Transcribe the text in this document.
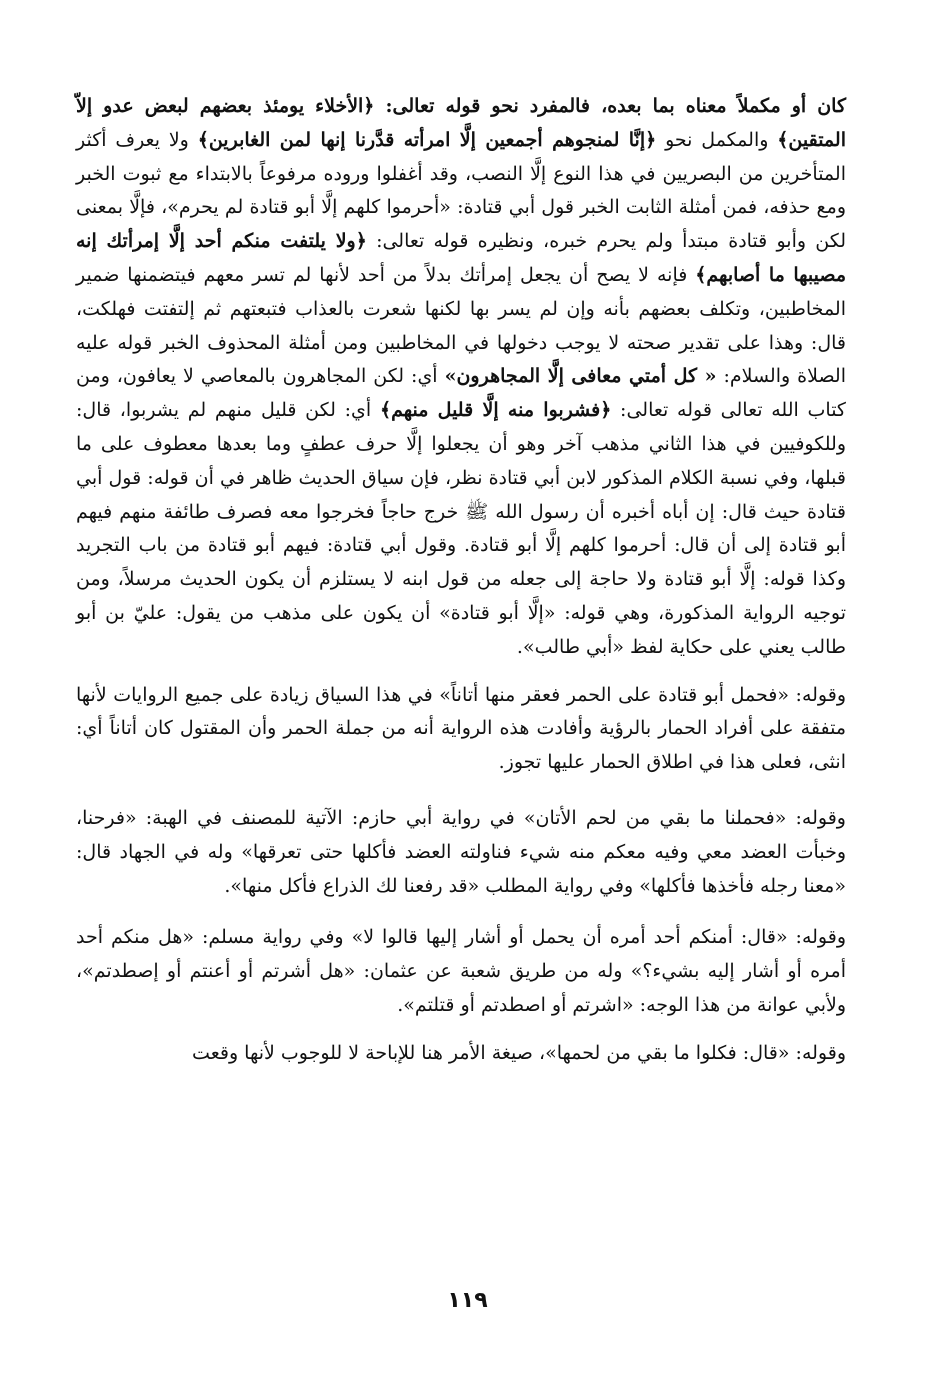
كان أو مكملاً معناه بما بعده، فالمفرد نحو قوله تعالى: ﴿الأخلاء يومئذ بعضهم لبعض عدو إلاّ المتقين﴾ والمكمل نحو ﴿إنَّا لمنجوهم أجمعين إلَّا امرأته قدَّرنا إنها لمن الغابرين﴾ ولا يعرف أكثر المتأخرين من البصريين في هذا النوع إلَّا النصب، وقد أغفلوا وروده مرفوعاً بالابتداء مع ثبوت الخبر ومع حذفه، فمن أمثلة الثابت الخبر قول أبي قتادة: «أحرموا كلهم إلَّا أبو قتادة لم يحرم»، فإلَّا بمعنى لكن وأبو قتادة مبتدأ ولم يحرم خبره، ونظيره قوله تعالى: ﴿ولا يلتفت منكم أحد إلَّا إمرأتك إنه مصيبها ما أصابهم﴾ فإنه لا يصح أن يجعل إمرأتك بدلاً من أحد لأنها لم تسر معهم فيتضمنها ضمير المخاطبين، وتكلف بعضهم بأنه وإن لم يسر بها لكنها شعرت بالعذاب فتبعتهم ثم إلتفتت فهلكت، قال: وهذا على تقدير صحته لا يوجب دخولها في المخاطبين ومن أمثلة المحذوف الخبر قوله عليه الصلاة والسلام: « كل أمتي معافى إلَّا المجاهرون» أي: لكن المجاهرون بالمعاصي لا يعافون، ومن كتاب الله تعالى قوله تعالى: ﴿فشربوا منه إلَّا قليل منهم﴾ أي: لكن قليل منهم لم يشربوا، قال: وللكوفيين في هذا الثاني مذهب آخر وهو أن يجعلوا إلَّا حرف عطفٍ وما بعدها معطوف على ما قبلها، وفي نسبة الكلام المذكور لابن أبي قتادة نظر، فإن سياق الحديث ظاهر في أن قوله: قول أبي قتادة حيث قال: إن أباه أخبره أن رسول الله ﷺ خرج حاجاً فخرجوا معه فصرف طائفة منهم فيهم أبو قتادة إلى أن قال: أحرموا كلهم إلَّا أبو قتادة. وقول أبي قتادة: فيهم أبو قتادة من باب التجريد وكذا قوله: إلَّا أبو قتادة ولا حاجة إلى جعله من قول ابنه لا يستلزم أن يكون الحديث مرسلاً، ومن توجيه الرواية المذكورة، وهي قوله: «إلَّا أبو قتادة» أن يكون على مذهب من يقول: عليّ بن أبو طالب يعني على حكاية لفظ «أبي طالب».

وقوله: «فحمل أبو قتادة على الحمر فعقر منها أتاناً» في هذا السياق زيادة على جميع الروايات لأنها متفقة على أفراد الحمار بالرؤية وأفادت هذه الرواية أنه من جملة الحمر وأن المقتول كان أتاناً أي: انثى، فعلى هذا في اطلاق الحمار عليها تجوز.

وقوله: «فحملنا ما بقي من لحم الأتان» في رواية أبي حازم: الآتية للمصنف في الهبة: «فرحنا، وخبأت العضد معي وفيه معكم منه شيء فناولته العضد فأكلها حتى تعرقها» وله في الجهاد قال: «معنا رجله فأخذها فأكلها» وفي رواية المطلب «قد رفعنا لك الذراع فأكل منها».

وقوله: «قال: أمنكم أحد أمره أن يحمل أو أشار إليها قالوا لا» وفي رواية مسلم: «هل منكم أحد أمره أو أشار إليه بشيء؟» وله من طريق شعبة عن عثمان: «هل أشرتم أو أعنتم أو إصطدتم»، ولأبي عوانة من هذا الوجه: «اشرتم أو اصطدتم أو قتلتم».

وقوله: «قال: فكلوا ما بقي من لحمها»، صيغة الأمر هنا للإباحة لا للوجوب لأنها وقعت

١١٩
